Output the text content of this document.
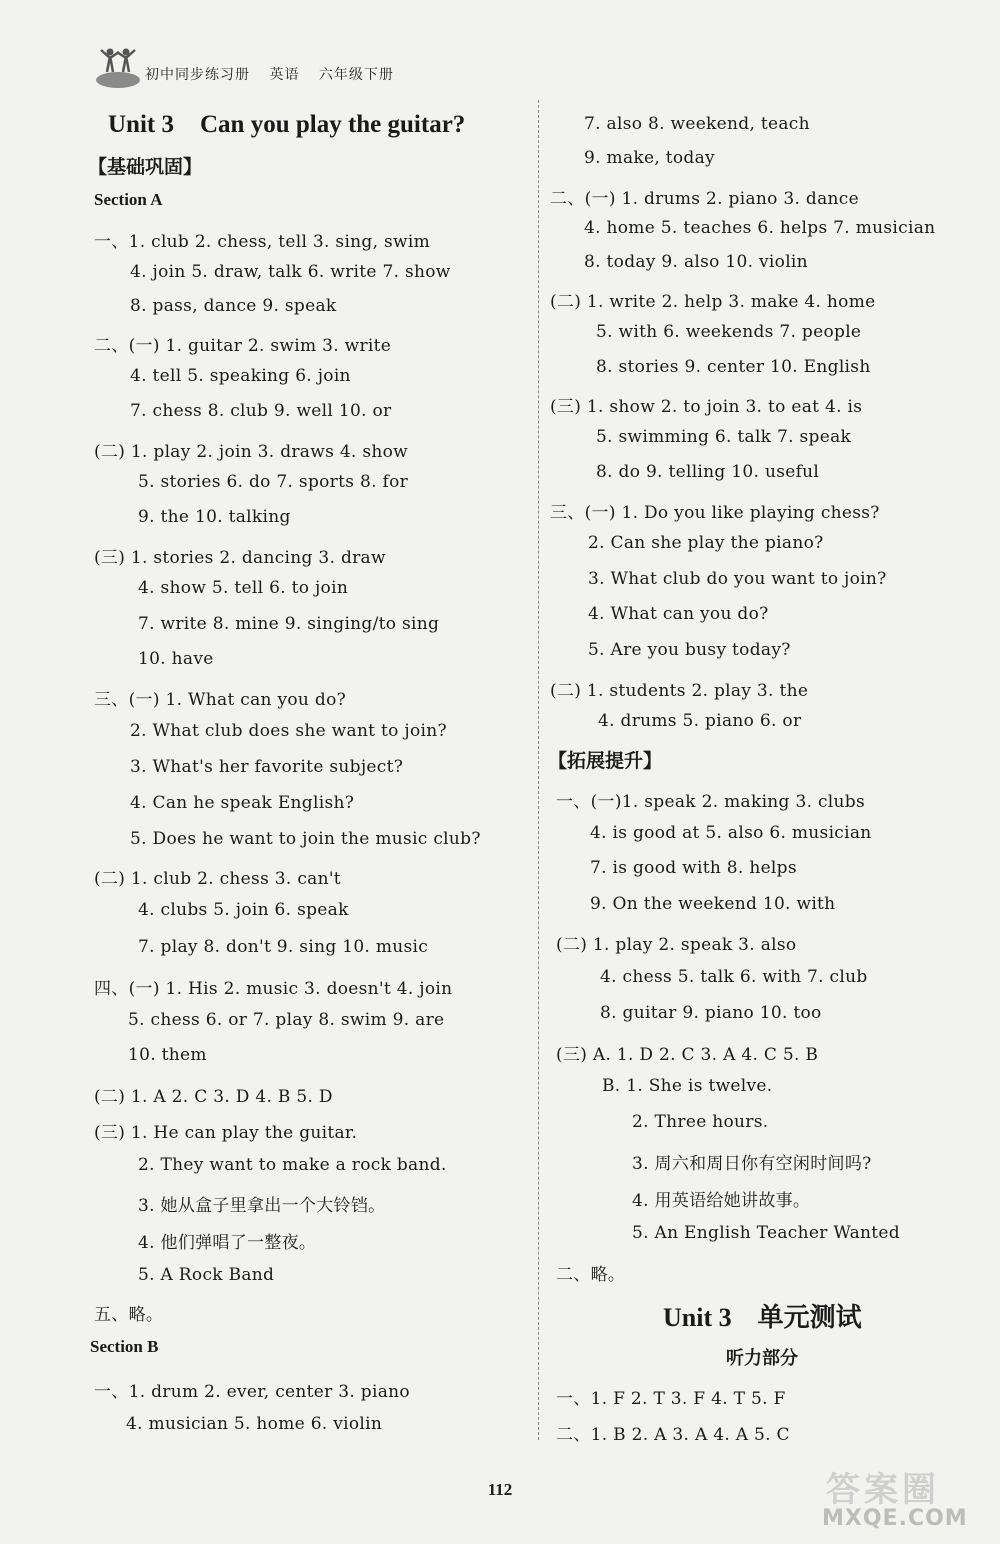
初中同步练习册 英语 六年级下册
Unit 3 Can you play the guitar?
【基础巩固】
Section A
一、1. club 2. chess, tell 3. sing, swim
4. join 5. draw, talk 6. write 7. show
8. pass, dance 9. speak
二、(一) 1. guitar 2. swim 3. write
4. tell 5. speaking 6. join
7. chess 8. club 9. well 10. or
(二) 1. play 2. join 3. draws 4. show
5. stories 6. do 7. sports 8. for
9. the 10. talking
(三) 1. stories 2. dancing 3. draw
4. show 5. tell 6. to join
7. write 8. mine 9. singing/to sing
10. have
三、(一) 1. What can you do?
2. What club does she want to join?
3. What's her favorite subject?
4. Can he speak English?
5. Does he want to join the music club?
(二) 1. club 2. chess 3. can't
4. clubs 5. join 6. speak
7. play 8. don't 9. sing 10. music
四、(一) 1. His 2. music 3. doesn't 4. join
5. chess 6. or 7. play 8. swim 9. are
10. them
(二) 1. A 2. C 3. D 4. B 5. D
(三) 1. He can play the guitar.
2. They want to make a rock band.
3. 她从盒子里拿出一个大铃铛。
4. 他们弹唱了一整夜。
5. A Rock Band
五、略。
Section B
一、1. drum 2. ever, center 3. piano
4. musician 5. home 6. violin
7. also 8. weekend, teach
9. make, today
二、(一) 1. drums 2. piano 3. dance
4. home 5. teaches 6. helps 7. musician
8. today 9. also 10. violin
(二) 1. write 2. help 3. make 4. home
5. with 6. weekends 7. people
8. stories 9. center 10. English
(三) 1. show 2. to join 3. to eat 4. is
5. swimming 6. talk 7. speak
8. do 9. telling 10. useful
三、(一) 1. Do you like playing chess?
2. Can she play the piano?
3. What club do you want to join?
4. What can you do?
5. Are you busy today?
(二) 1. students 2. play 3. the
4. drums 5. piano 6. or
【拓展提升】
一、(一)1. speak 2. making 3. clubs
4. is good at 5. also 6. musician
7. is good with 8. helps
9. On the weekend 10. with
(二) 1. play 2. speak 3. also
4. chess 5. talk 6. with 7. club
8. guitar 9. piano 10. too
(三) A. 1. D 2. C 3. A 4. C 5. B
B. 1. She is twelve.
2. Three hours.
3. 周六和周日你有空闲时间吗?
4. 用英语给她讲故事。
5. An English Teacher Wanted
二、略。
Unit 3 单元测试
听力部分
一、1. F 2. T 3. F 4. T 5. F
二、1. B 2. A 3. A 4. A 5. C
112	答案圈
MXQE.COM
